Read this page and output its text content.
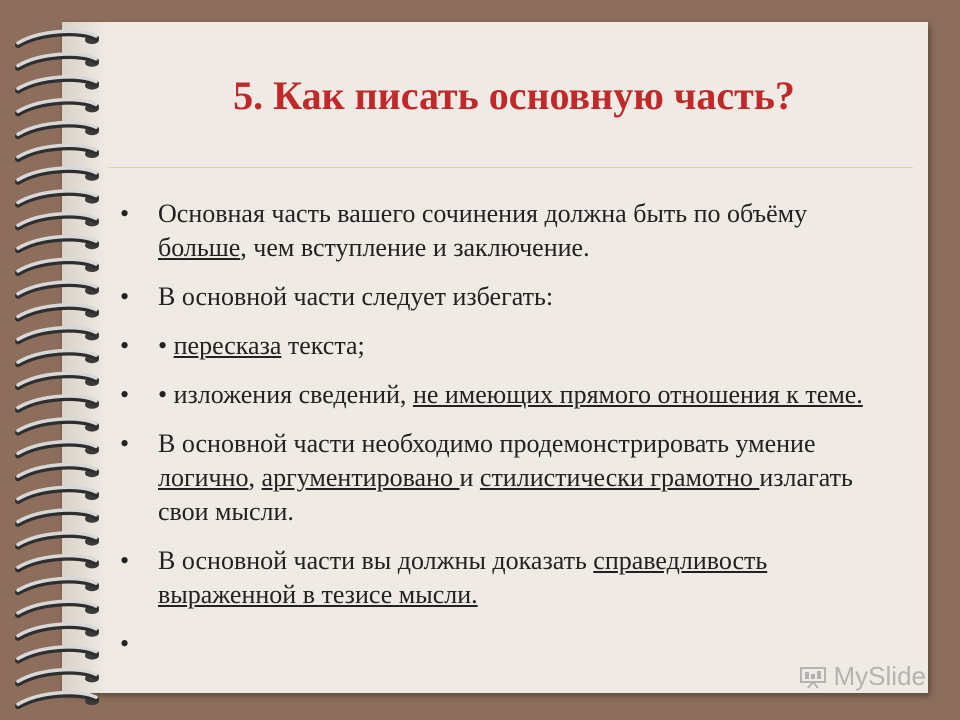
5. Как писать основную часть?
• Основная часть вашего сочинения должна быть по объёму больше, чем вступление и заключение.
• В основной части следует избегать:
• • пересказа текста;
• • изложения сведений, не имеющих прямого отношения к теме.
• В основной части необходимо продемонстрировать умение логично, аргументировано и стилистически грамотно излагать свои мысли.
• В основной части вы должны доказать справедливость выраженной в тезисе мысли.
•
MySlide
